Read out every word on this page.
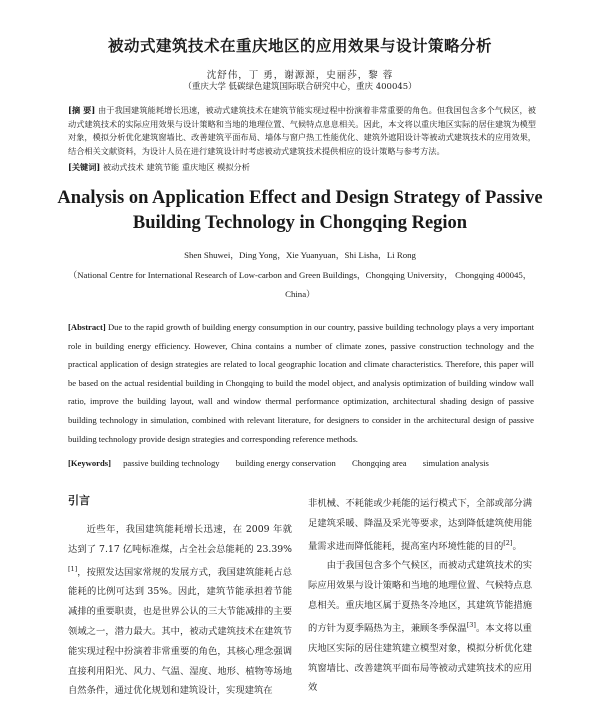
被动式建筑技术在重庆地区的应用效果与设计策略分析
沈舒伟，丁 勇，谢源源，史丽莎，黎 蓉
（重庆大学 低碳绿色建筑国际联合研究中心，重庆 400045）
[摘 要] 由于我国建筑能耗增长迅速，被动式建筑技术在建筑节能实现过程中扮演着非常重要的角色。但我国包含多个气候区，被动式建筑技术的实际应用效果与设计策略和当地的地理位置、气候特点息息相关。因此，本文将以重庆地区实际的居住建筑为模型对象，模拟分析优化建筑窗墙比、改善建筑平面布局、墙体与窗户热工性能优化、建筑外遮阳设计等被动式建筑技术的应用效果，结合相关文献资料，为设计人员在进行建筑设计时考虑被动式建筑技术提供相应的设计策略与参考方法。
[关键词] 被动式技术 建筑节能 重庆地区 模拟分析
Analysis on Application Effect and Design Strategy of Passive
Building Technology in Chongqing Region
Shen Shuwei，Ding Yong，Xie Yuanyuan，Shi Lisha，Li Rong
（National Centre for International Research of Low-carbon and Green Buildings，Chongqing University， Chongqing 400045，China）
[Abstract] Due to the rapid growth of building energy consumption in our country, passive building technology plays a very important role in building energy efficiency. However, China contains a number of climate zones, passive construction technology and the practical application of design strategies are related to local geographic location and climate characteristics. Therefore, this paper will be based on the actual residential building in Chongqing to build the model object, and analysis optimization of building window wall ratio, improve the building layout, wall and window thermal performance optimization, architectural shading design of passive building technology in simulation, combined with relevant literature, for designers to consider in the architectural design of passive building technology provide design strategies and corresponding reference methods.
[Keywords] passive building technology building energy conservation Chongqing area simulation analysis
引言

近些年，我国建筑能耗增长迅速，在 2009 年就达到了 7.17 亿吨标准煤，占全社会总能耗的 23.39%[1]，按照发达国家常规的发展方式，我国建筑能耗占总能耗的比例可达到 35%。因此，建筑节能承担着节能减排的重要职责，也是世界公认的三大节能减排的主要领域之一，潜力最大。其中，被动式建筑技术在建筑节能实现过程中扮演着非常重要的角色，其核心理念强调直接利用阳光、风力、气温、湿度、地形、植物等场地自然条件，通过优化规划和建筑设计，实现建筑在

非机械、不耗能或少耗能的运行模式下，全部或部分满足建筑采暖、降温及采光等要求，达到降低建筑使用能量需求进而降低能耗，提高室内环境性能的目的[2]。

由于我国包含多个气候区，而被动式建筑技术的实际应用效果与设计策略和当地的地理位置、气候特点息息相关。重庆地区属于夏热冬冷地区，其建筑节能措施的方针为夏季隔热为主，兼顾冬季保温[3]。本文将以重庆地区实际的居住建筑建立模型对象，模拟分析优化建筑窗墙比、改善建筑平面布局等被动式建筑技术的应用效
